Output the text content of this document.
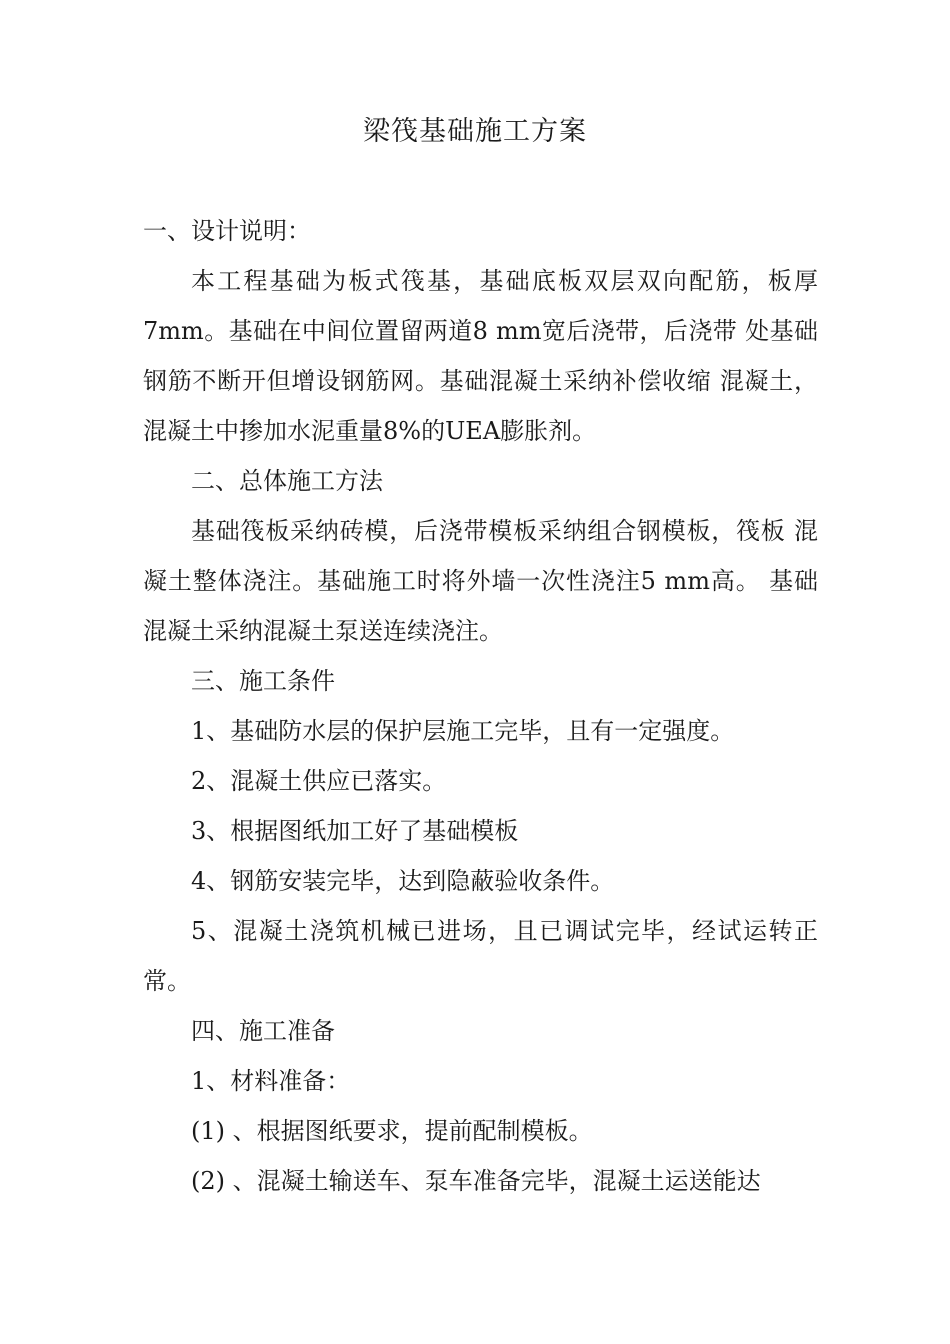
梁筏基础施工方案

一、设计说明：

本工程基础为板式筏基，基础底板双层双向配筋，板厚7mm。基础在中间位置留两道8 mm宽后浇带，后浇带 处基础钢筋不断开但增设钢筋网。基础混凝土采纳补偿收缩 混凝土，混凝土中掺加水泥重量8%的UEA膨胀剂。

二、总体施工方法

基础筏板采纳砖模，后浇带模板采纳组合钢模板，筏板 混凝土整体浇注。基础施工时将外墙一次性浇注5 mm高。 基础混凝土采纳混凝土泵送连续浇注。

三、施工条件

1、基础防水层的保护层施工完毕，且有一定强度。

2、混凝土供应已落实。

3、根据图纸加工好了基础模板

4、钢筋安装完毕，达到隐蔽验收条件。

5、混凝土浇筑机械已进场，且已调试完毕，经试运转正常。

四、施工准备

1、材料准备：

(1) 、根据图纸要求，提前配制模板。

(2) 、混凝土输送车、泵车准备完毕，混凝土运送能达
